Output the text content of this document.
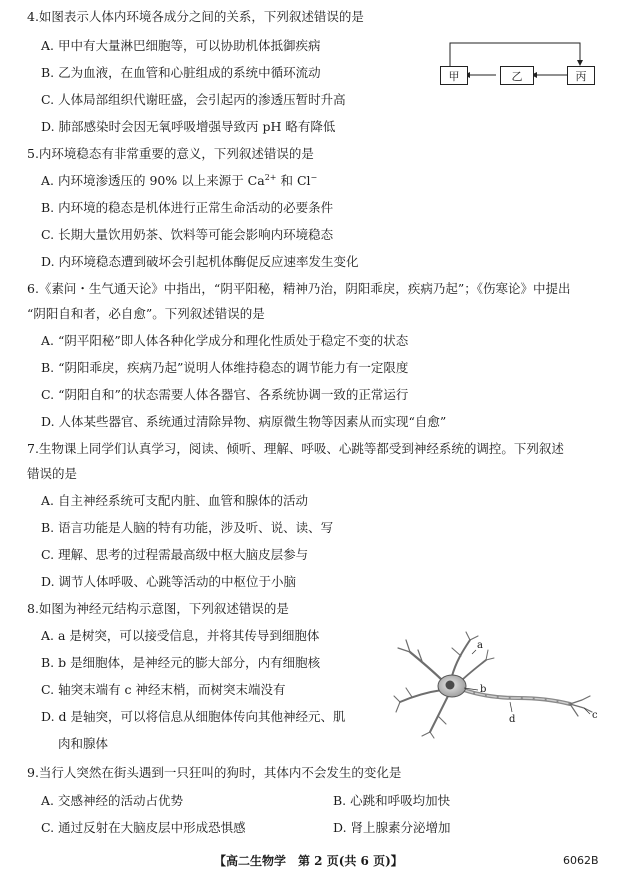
4.如图表示人体内环境各成分之间的关系，下列叙述错误的是
A. 甲中有大量淋巴细胞等，可以协助机体抵御疾病
B. 乙为血液，在血管和心脏组成的系统中循环流动
C. 人体局部组织代谢旺盛，会引起丙的渗透压暂时升高
D. 肺部感染时会因无氧呼吸增强导致丙 pH 略有降低
甲	乙	丙
5.内环境稳态有非常重要的意义，下列叙述错误的是
A. 内环境渗透压的 90% 以上来源于 $Ca^{2+}$ 和 Cl−
B. 内环境的稳态是机体进行正常生命活动的必要条件
C. 长期大量饮用奶茶、饮料等可能会影响内环境稳态
D. 内环境稳态遭到破坏会引起机体酶促反应速率发生变化
6.《素问・生气通天论》中指出，“阴平阳秘，精神乃治，阴阳乖戾，疾病乃起”；《伤寒论》中提出
“阴阳自和者，必自愈”。下列叙述错误的是
A. “阴平阳秘”即人体各种化学成分和理化性质处于稳定不变的状态
B. “阴阳乖戾，疾病乃起”说明人体维持稳态的调节能力有一定限度
C. “阴阳自和”的状态需要人体各器官、各系统协调一致的正常运行
D. 人体某些器官、系统通过清除异物、病原微生物等因素从而实现“自愈”
7.生物课上同学们认真学习，阅读、倾听、理解、呼吸、心跳等都受到神经系统的调控。下列叙述
错误的是
A. 自主神经系统可支配内脏、血管和腺体的活动
B. 语言功能是人脑的特有功能，涉及听、说、读、写
C. 理解、思考的过程需最高级中枢大脑皮层参与
D. 调节人体呼吸、心跳等活动的中枢位于小脑
8.如图为神经元结构示意图，下列叙述错误的是
A. a 是树突，可以接受信息，并将其传导到细胞体
B. b 是细胞体，是神经元的膨大部分，内有细胞核
C. 轴突末端有 c 神经末梢，而树突末端没有
D. d 是轴突，可以将信息从细胞体传向其他神经元、肌
肉和腺体
a
b
c
d
9.当行人突然在街头遇到一只狂叫的狗时，其体内不会发生的变化是
A. 交感神经的活动占优势	B. 心跳和呼吸均加快
C. 通过反射在大脑皮层中形成恐惧感	D. 肾上腺素分泌增加
【高二生物学　第 2 页(共 6 页)】	6062B
